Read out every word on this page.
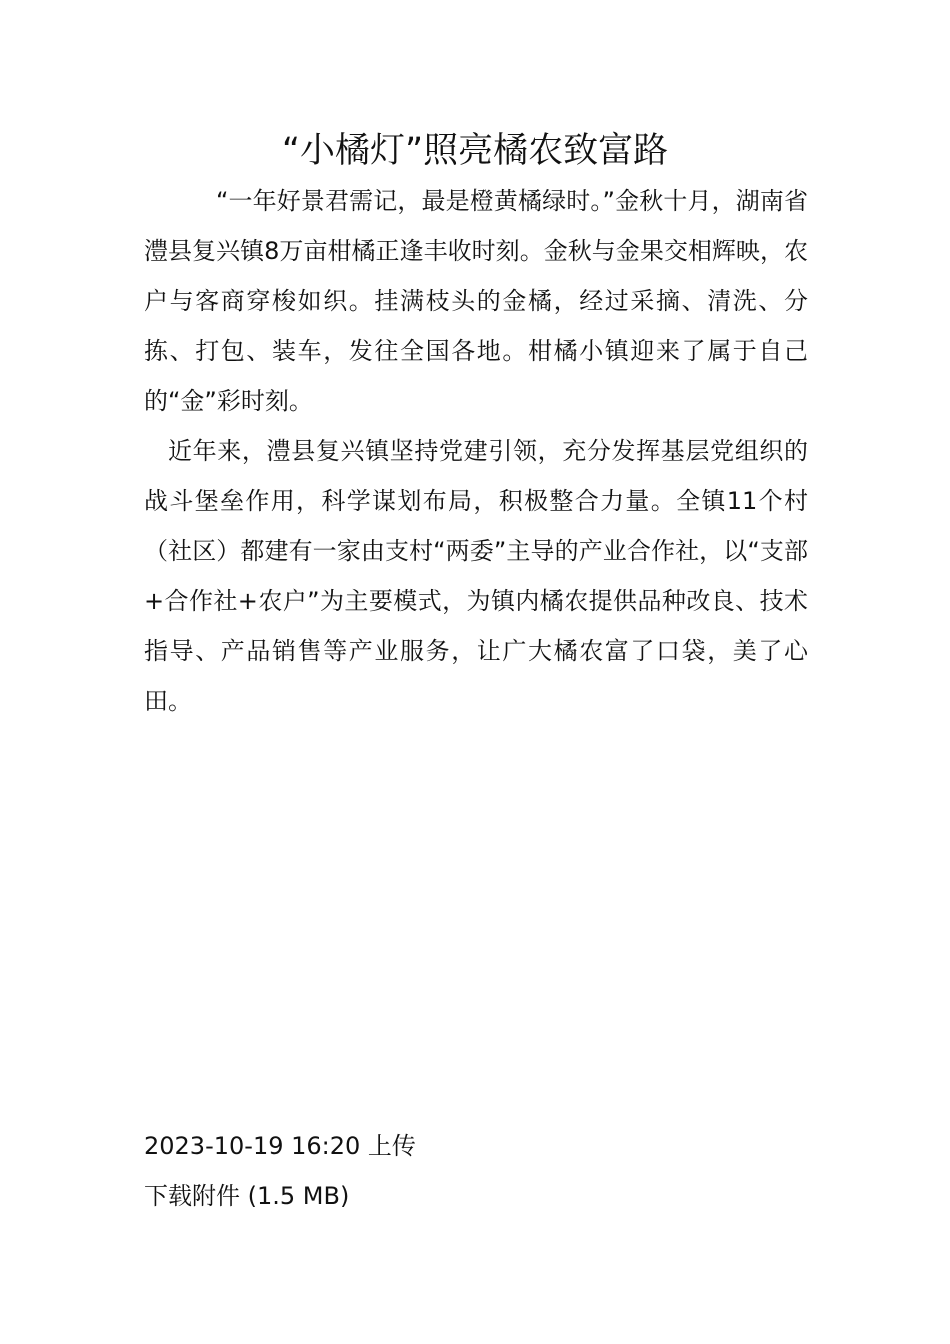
“小橘灯”照亮橘农致富路

“一年好景君需记，最是橙黄橘绿时。”金秋十月，湖南省澧县复兴镇8万亩柑橘正逢丰收时刻。金秋与金果交相辉映，农户与客商穿梭如织。挂满枝头的金橘，经过采摘、清洗、分拣、打包、装车，发往全国各地。柑橘小镇迎来了属于自己的“金”彩时刻。

近年来，澧县复兴镇坚持党建引领，充分发挥基层党组织的战斗堡垒作用，科学谋划布局，积极整合力量。全镇11个村（社区）都建有一家由支村“两委”主导的产业合作社，以“支部+合作社+农户”为主要模式，为镇内橘农提供品种改良、技术指导、产品销售等产业服务，让广大橘农富了口袋，美了心田。

2023-10-19 16:20 上传
下载附件 (1.5 MB)
